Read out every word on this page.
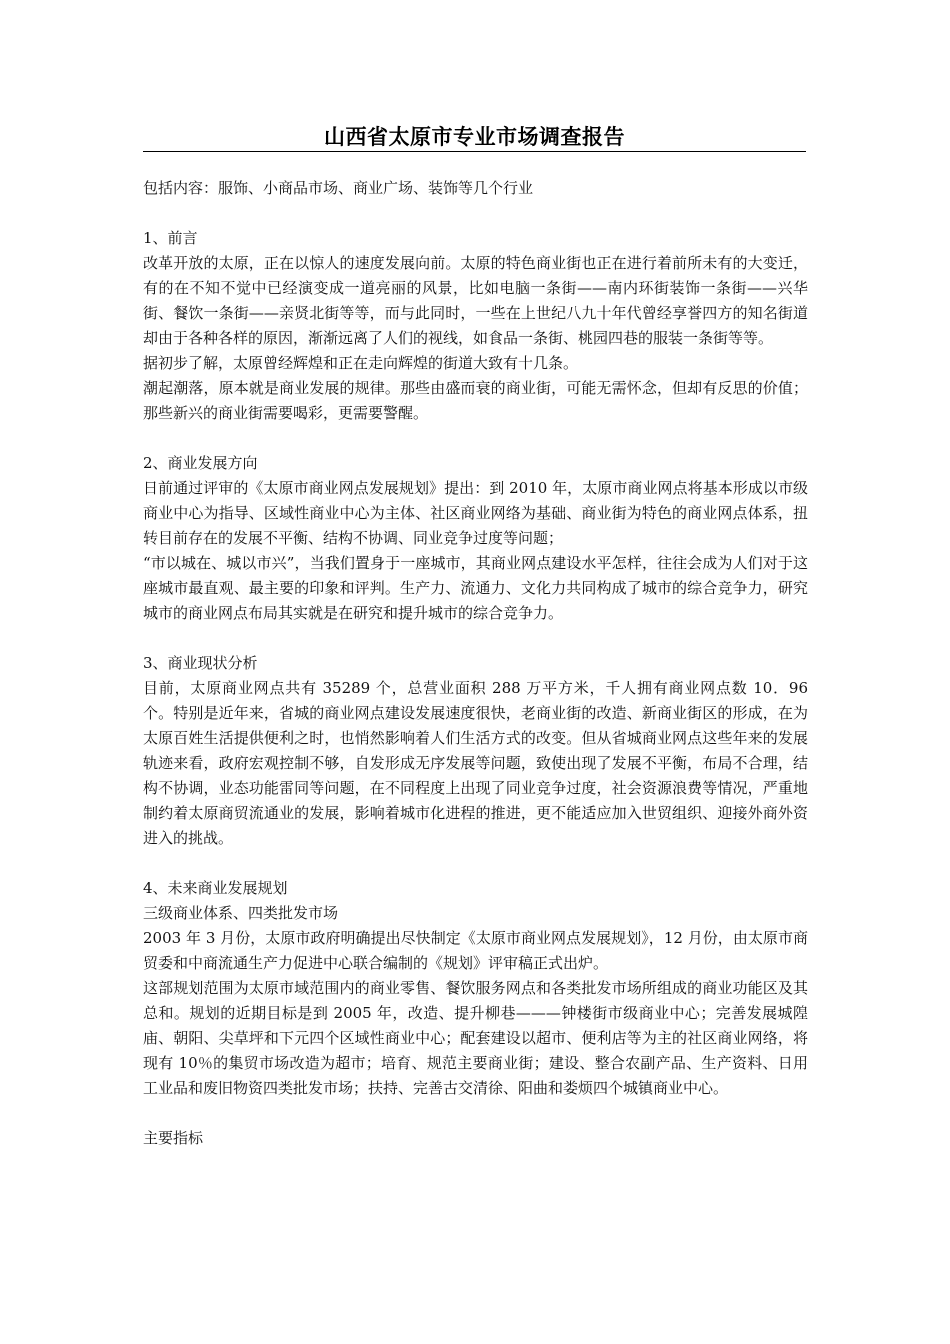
山西省太原市专业市场调查报告

包括内容：服饰、小商品市场、商业广场、装饰等几个行业

1、前言

改革开放的太原，正在以惊人的速度发展向前。太原的特色商业街也正在进行着前所未有的大变迁，有的在不知不觉中已经演变成一道亮丽的风景，比如电脑一条街——南内环街装饰一条街——兴华街、餐饮一条街——亲贤北街等等，而与此同时，一些在上世纪八九十年代曾经享誉四方的知名街道却由于各种各样的原因，渐渐远离了人们的视线，如食品一条街、桃园四巷的服装一条街等等。

据初步了解，太原曾经辉煌和正在走向辉煌的街道大致有十几条。

潮起潮落，原本就是商业发展的规律。那些由盛而衰的商业街，可能无需怀念，但却有反思的价值；那些新兴的商业街需要喝彩，更需要警醒。

2、商业发展方向

日前通过评审的《太原市商业网点发展规划》提出：到 2010 年，太原市商业网点将基本形成以市级商业中心为指导、区域性商业中心为主体、社区商业网络为基础、商业街为特色的商业网点体系，扭转目前存在的发展不平衡、结构不协调、同业竞争过度等问题；

“市以城在、城以市兴”，当我们置身于一座城市，其商业网点建设水平怎样，往往会成为人们对于这座城市最直观、最主要的印象和评判。生产力、流通力、文化力共同构成了城市的综合竞争力，研究城市的商业网点布局其实就是在研究和提升城市的综合竞争力。

3、商业现状分析

目前，太原商业网点共有 35289 个，总营业面积 288 万平方米，千人拥有商业网点数 10．96 个。特别是近年来，省城的商业网点建设发展速度很快，老商业街的改造、新商业街区的形成，在为太原百姓生活提供便利之时，也悄然影响着人们生活方式的改变。但从省城商业网点这些年来的发展轨迹来看，政府宏观控制不够，自发形成无序发展等问题，致使出现了发展不平衡，布局不合理，结构不协调，业态功能雷同等问题，在不同程度上出现了同业竞争过度，社会资源浪费等情况，严重地制约着太原商贸流通业的发展，影响着城市化进程的推进，更不能适应加入世贸组织、迎接外商外资进入的挑战。

4、未来商业发展规划

三级商业体系、四类批发市场

2003 年 3 月份，太原市政府明确提出尽快制定《太原市商业网点发展规划》，12 月份，由太原市商贸委和中商流通生产力促进中心联合编制的《规划》评审稿正式出炉。

这部规划范围为太原市域范围内的商业零售、餐饮服务网点和各类批发市场所组成的商业功能区及其总和。规划的近期目标是到 2005 年，改造、提升柳巷———钟楼街市级商业中心；完善发展城隍庙、朝阳、尖草坪和下元四个区域性商业中心；配套建设以超市、便利店等为主的社区商业网络，将现有 10％的集贸市场改造为超市；培育、规范主要商业街；建设、整合农副产品、生产资料、日用工业品和废旧物资四类批发市场；扶持、完善古交清徐、阳曲和娄烦四个城镇商业中心。

主要指标
